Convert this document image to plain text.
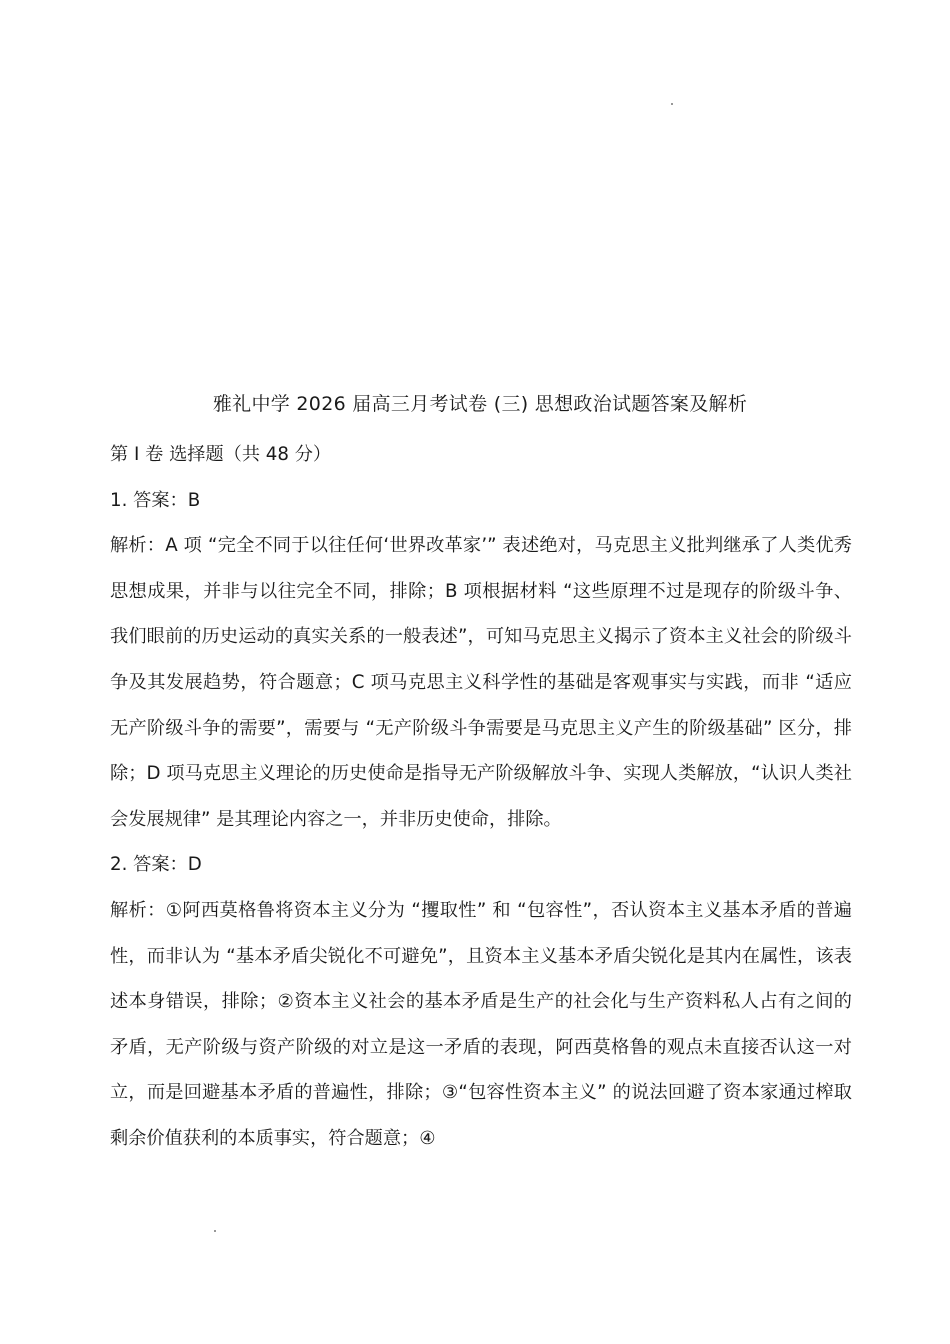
雅礼中学 2026 届高三月考试卷 (三) 思想政治试题答案及解析

第 Ⅰ 卷 选择题（共 48 分）

1. 答案：B

解析：A 项 “完全不同于以往任何‘世界改革家’” 表述绝对，马克思主义批判继承了人类优秀思想成果，并非与以往完全不同，排除；B 项根据材料 “这些原理不过是现存的阶级斗争、我们眼前的历史运动的真实关系的一般表述”，可知马克思主义揭示了资本主义社会的阶级斗争及其发展趋势，符合题意；C 项马克思主义科学性的基础是客观事实与实践，而非 “适应无产阶级斗争的需要”，需要与 “无产阶级斗争需要是马克思主义产生的阶级基础” 区分，排除；D 项马克思主义理论的历史使命是指导无产阶级解放斗争、实现人类解放，“认识人类社会发展规律” 是其理论内容之一，并非历史使命，排除。

2. 答案：D

解析：①阿西莫格鲁将资本主义分为 “攫取性” 和 “包容性”，否认资本主义基本矛盾的普遍性，而非认为 “基本矛盾尖锐化不可避免”，且资本主义基本矛盾尖锐化是其内在属性，该表述本身错误，排除；②资本主义社会的基本矛盾是生产的社会化与生产资料私人占有之间的矛盾，无产阶级与资产阶级的对立是这一矛盾的表现，阿西莫格鲁的观点未直接否认这一对立，而是回避基本矛盾的普遍性，排除；③“包容性资本主义” 的说法回避了资本家通过榨取剩余价值获利的本质事实，符合题意；④
